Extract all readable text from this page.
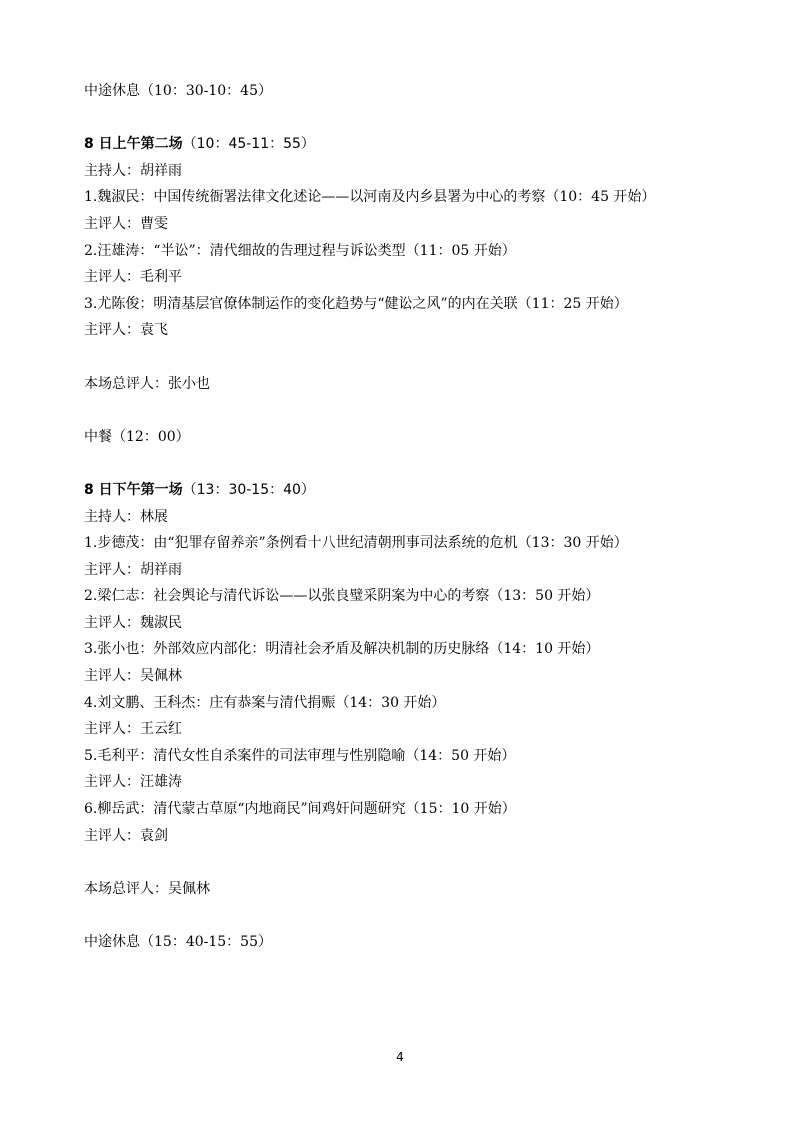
中途休息（10：30-10：45）
8 日上午第二场（10：45-11：55）
主持人：胡祥雨
1.魏淑民：中国传统衙署法律文化述论——以河南及内乡县署为中心的考察（10：45 开始）
主评人：曹雯
2.汪雄涛：“半讼”：清代细故的告理过程与诉讼类型（11：05 开始）
主评人：毛利平
3.尤陈俊：明清基层官僚体制运作的变化趋势与“健讼之风”的内在关联（11：25 开始）
主评人：袁飞
本场总评人：张小也
中餐（12：00）
8 日下午第一场（13：30-15：40）
主持人：林展
1.步德茂：由“犯罪存留养亲”条例看十八世纪清朝刑事司法系统的危机（13：30 开始）
主评人：胡祥雨
2.梁仁志：社会舆论与清代诉讼——以张良璧采阴案为中心的考察（13：50 开始）
主评人：魏淑民
3.张小也：外部效应内部化：明清社会矛盾及解决机制的历史脉络（14：10 开始）
主评人：吴佩林
4.刘文鹏、王科杰：庄有恭案与清代捐赈（14：30 开始）
主评人：王云红
5.毛利平：清代女性自杀案件的司法审理与性别隐喻（14：50 开始）
主评人：汪雄涛
6.柳岳武：清代蒙古草原“内地商民”间鸡奸问题研究（15：10 开始）
主评人：袁剑
本场总评人：吴佩林
中途休息（15：40-15：55）
4
